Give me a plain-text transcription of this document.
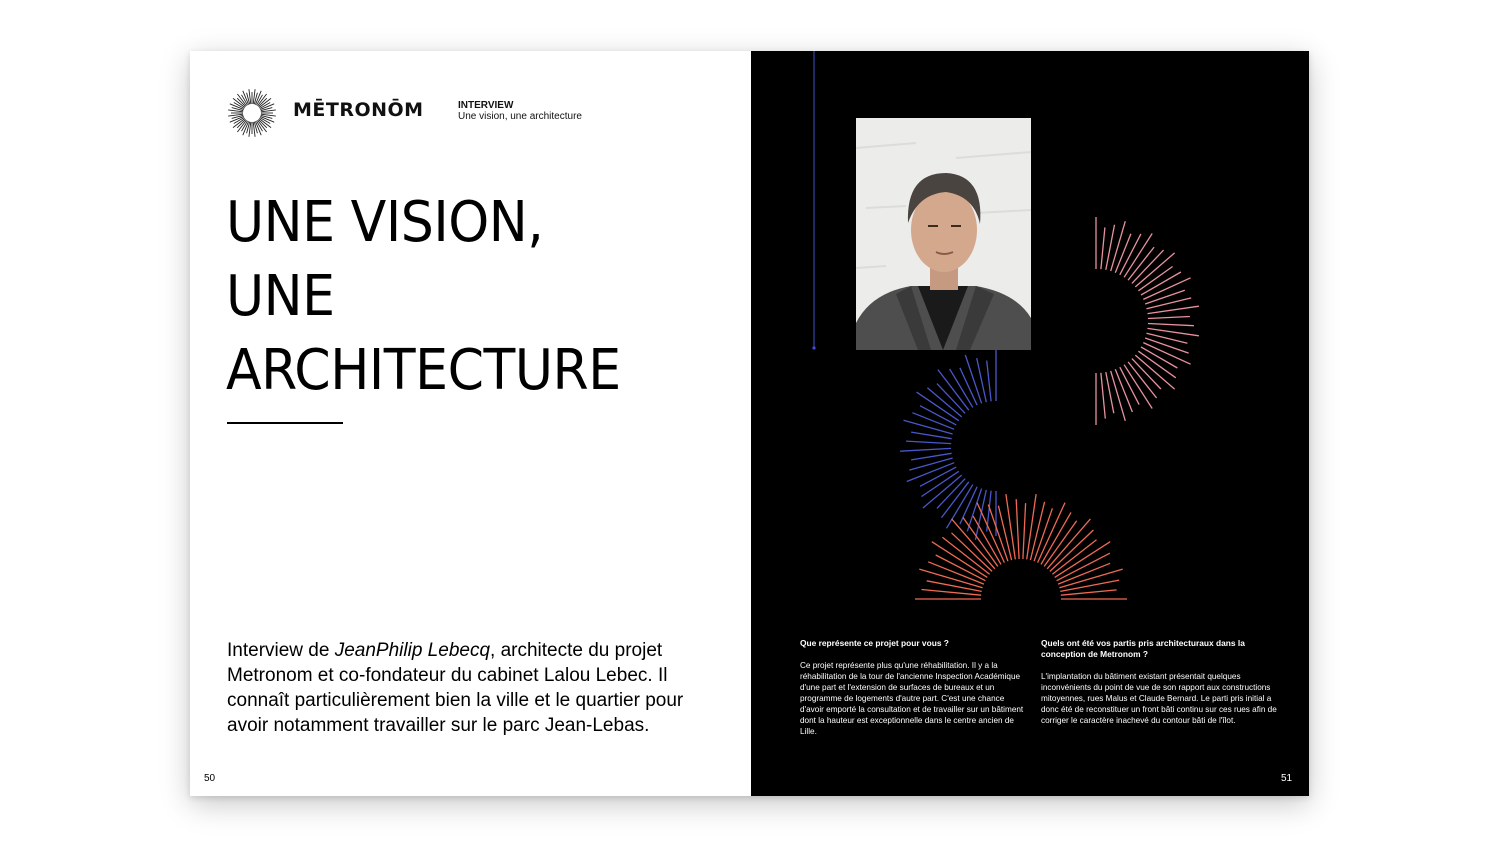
MĒTRONŌM	INTERVIEW
Une vision, une architecture
UNE VISION,
UNE
ARCHITECTURE

Interview de JeanPhilip Lebecq, architecte du projet Metronom et co-fondateur du cabinet Lalou Lebec. Il connaît particulièrement bien la ville et le quartier pour avoir notamment travailler sur le parc Jean-Lebas.

50
Que représente ce projet pour vous ?

Ce projet représente plus qu'une réhabilitation. Il y a la réhabilitation de la tour de l'ancienne Inspection Académique d'une part et l'extension de surfaces de bureaux et un programme de logements d'autre part. C'est une chance d'avoir emporté la consultation et de travailler sur un bâtiment dont la hauteur est exceptionnelle dans le centre ancien de Lille.

Quels ont été vos partis pris architecturaux dans la conception de Metronom ?

L'implantation du bâtiment existant présentait quelques inconvénients du point de vue de son rapport aux constructions mitoyennes, rues Malus et Claude Bernard. Le parti pris initial a donc été de reconstituer un front bâti continu sur ces rues afin de corriger le caractère inachevé du contour bâti de l'îlot.

51
